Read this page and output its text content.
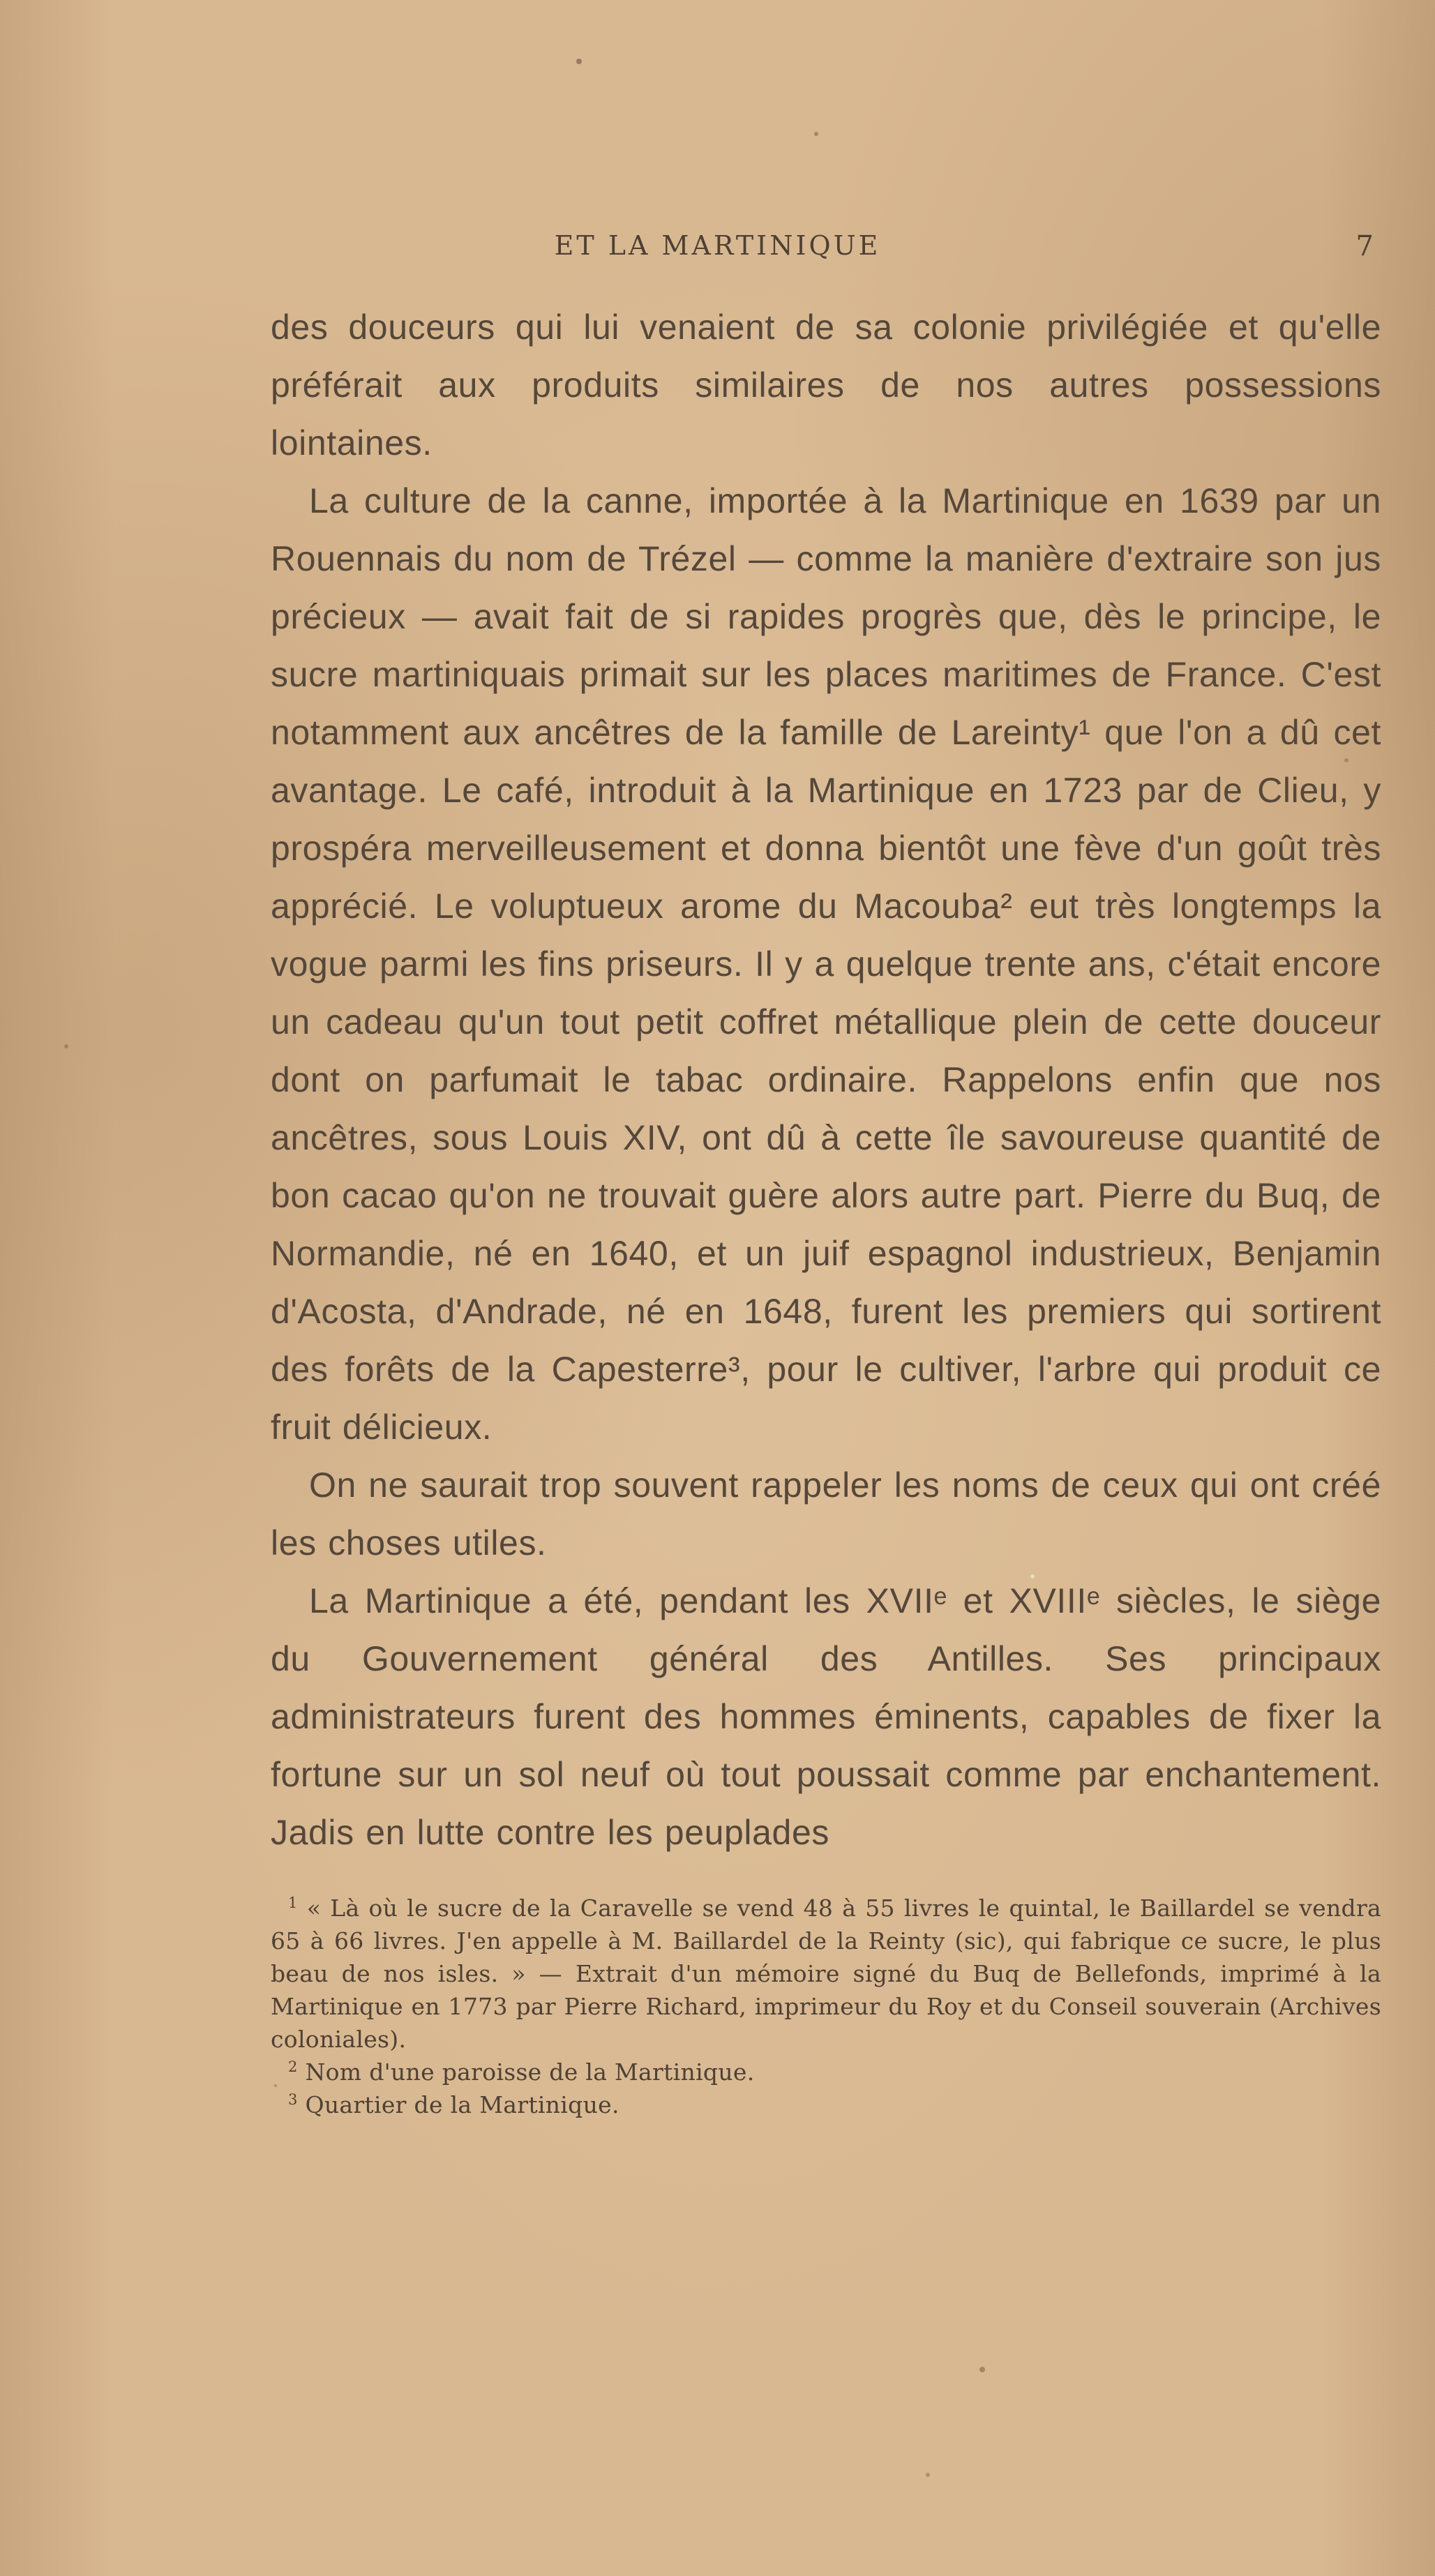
ET LA MARTINIQUE	7

des douceurs qui lui venaient de sa colonie privilégiée et qu'elle préférait aux produits similaires de nos autres possessions lointaines.

La culture de la canne, importée à la Martinique en 1639 par un Rouennais du nom de Trézel — comme la manière d'extraire son jus précieux — avait fait de si rapides progrès que, dès le principe, le sucre martiniquais primait sur les places maritimes de France. C'est notamment aux ancêtres de la famille de Lareinty¹ que l'on a dû cet avantage. Le café, introduit à la Martinique en 1723 par de Clieu, y prospéra merveilleusement et donna bientôt une fève d'un goût très apprécié. Le voluptueux arome du Macouba² eut très longtemps la vogue parmi les fins priseurs. Il y a quelque trente ans, c'était encore un cadeau qu'un tout petit coffret métallique plein de cette douceur dont on parfumait le tabac ordinaire. Rappelons enfin que nos ancêtres, sous Louis XIV, ont dû à cette île savoureuse quantité de bon cacao qu'on ne trouvait guère alors autre part. Pierre du Buq, de Normandie, né en 1640, et un juif espagnol industrieux, Benjamin d'Acosta, d'Andrade, né en 1648, furent les premiers qui sortirent des forêts de la Capesterre³, pour le cultiver, l'arbre qui produit ce fruit délicieux.

On ne saurait trop souvent rappeler les noms de ceux qui ont créé les choses utiles.

La Martinique a été, pendant les XVIIᵉ et XVIIIᵉ siècles, le siège du Gouvernement général des Antilles. Ses principaux administrateurs furent des hommes éminents, capables de fixer la fortune sur un sol neuf où tout poussait comme par enchantement. Jadis en lutte contre les peuplades

$^1$ « Là où le sucre de la Caravelle se vend 48 à 55 livres le quintal, le Baillardel se vendra 65 à 66 livres. J'en appelle à M. Baillardel de la Reinty (sic), qui fabrique ce sucre, le plus beau de nos isles. » — Extrait d'un mémoire signé du Buq de Bellefonds, imprimé à la Martinique en 1773 par Pierre Richard, imprimeur du Roy et du Conseil souverain (Archives coloniales).

$^2$ Nom d'une paroisse de la Martinique.

$^3$ Quartier de la Martinique.
